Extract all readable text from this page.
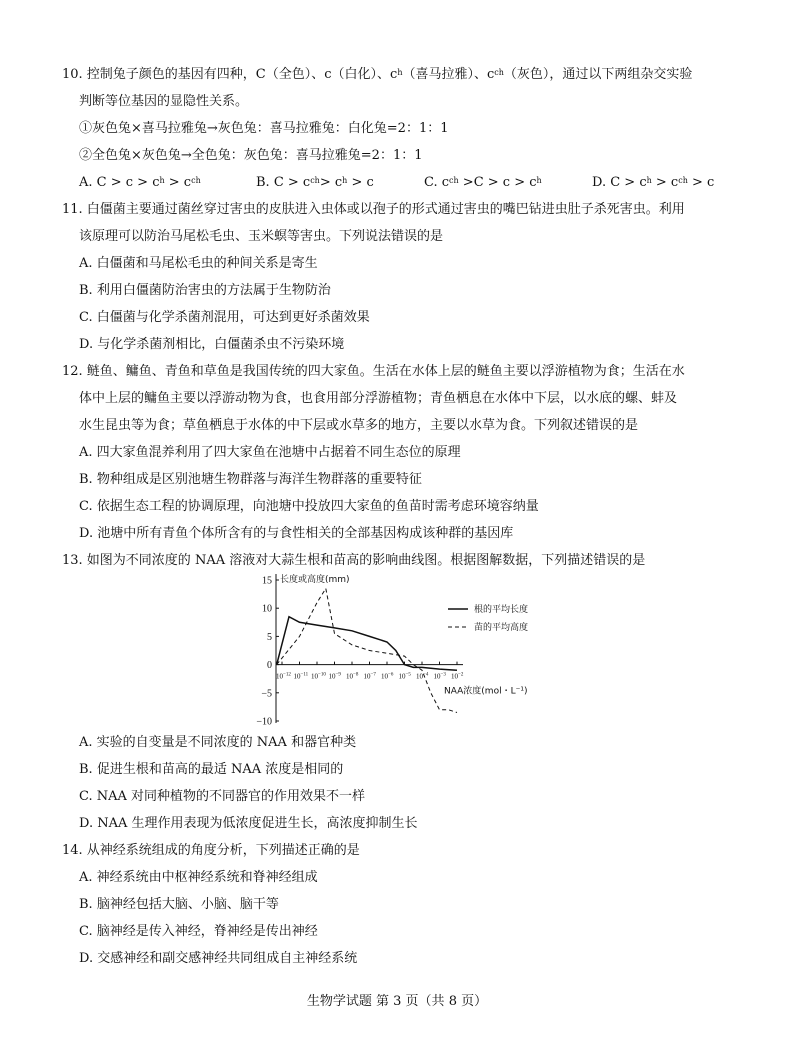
10. 控制兔子颜色的基因有四种，C（全色）、c（白化）、$c^h$（喜马拉雅）、$c^{ch}$（灰色），通过以下两组杂交实验
判断等位基因的显隐性关系。
①灰色兔×喜马拉雅兔→灰色兔：喜马拉雅兔：白化兔=2：1：1
②全色兔×灰色兔→全色兔：灰色兔：喜马拉雅兔=2：1：1
A. $C > c > c^h > c^{ch}$	B. $C > c^{ch}> c^h > c$	C. $c^{ch} >C > c > c^h$	D. $C > c^h > c^{ch} > c$
11. 白僵菌主要通过菌丝穿过害虫的皮肤进入虫体或以孢子的形式通过害虫的嘴巴钻进虫肚子杀死害虫。利用
该原理可以防治马尾松毛虫、玉米螟等害虫。下列说法错误的是
A. 白僵菌和马尾松毛虫的种间关系是寄生
B. 利用白僵菌防治害虫的方法属于生物防治
C. 白僵菌与化学杀菌剂混用，可达到更好杀菌效果
D. 与化学杀菌剂相比，白僵菌杀虫不污染环境
12. 鲢鱼、鳙鱼、青鱼和草鱼是我国传统的四大家鱼。生活在水体上层的鲢鱼主要以浮游植物为食；生活在水
体中上层的鳙鱼主要以浮游动物为食，也食用部分浮游植物；青鱼栖息在水体中下层，以水底的螺、蚌及
水生昆虫等为食；草鱼栖息于水体的中下层或水草多的地方，主要以水草为食。下列叙述错误的是
A. 四大家鱼混养利用了四大家鱼在池塘中占据着不同生态位的原理
B. 物种组成是区别池塘生物群落与海洋生物群落的重要特征
C. 依据生态工程的协调原理，向池塘中投放四大家鱼的鱼苗时需考虑环境容纳量
D. 池塘中所有青鱼个体所含有的与食性相关的全部基因构成该种群的基因库
13. 如图为不同浓度的 NAA 溶液对大蒜生根和苗高的影响曲线图。根据图解数据，下列描述错误的是
15
10
5
0
−5
−10
$10^{-12}$ $10^{-11}$ $10^{-10}$ $10^{-9}$ $10^{-8}$ $10^{-7}$ $10^{-6}$ $10^{-5}$ $10^{-4}$ $10^{-3}$ $10^{-2}$
长度或高度(mm)
NAA浓度(mol・L⁻¹)
根的平均长度
苗的平均高度
A. 实验的自变量是不同浓度的 NAA 和器官种类
B. 促进生根和苗高的最适 NAA 浓度是相同的
C. NAA 对同种植物的不同器官的作用效果不一样
D. NAA 生理作用表现为低浓度促进生长，高浓度抑制生长
14. 从神经系统组成的角度分析，下列描述正确的是
A. 神经系统由中枢神经系统和脊神经组成
B. 脑神经包括大脑、小脑、脑干等
C. 脑神经是传入神经，脊神经是传出神经
D. 交感神经和副交感神经共同组成自主神经系统
生物学试题 第 3 页（共 8 页）
